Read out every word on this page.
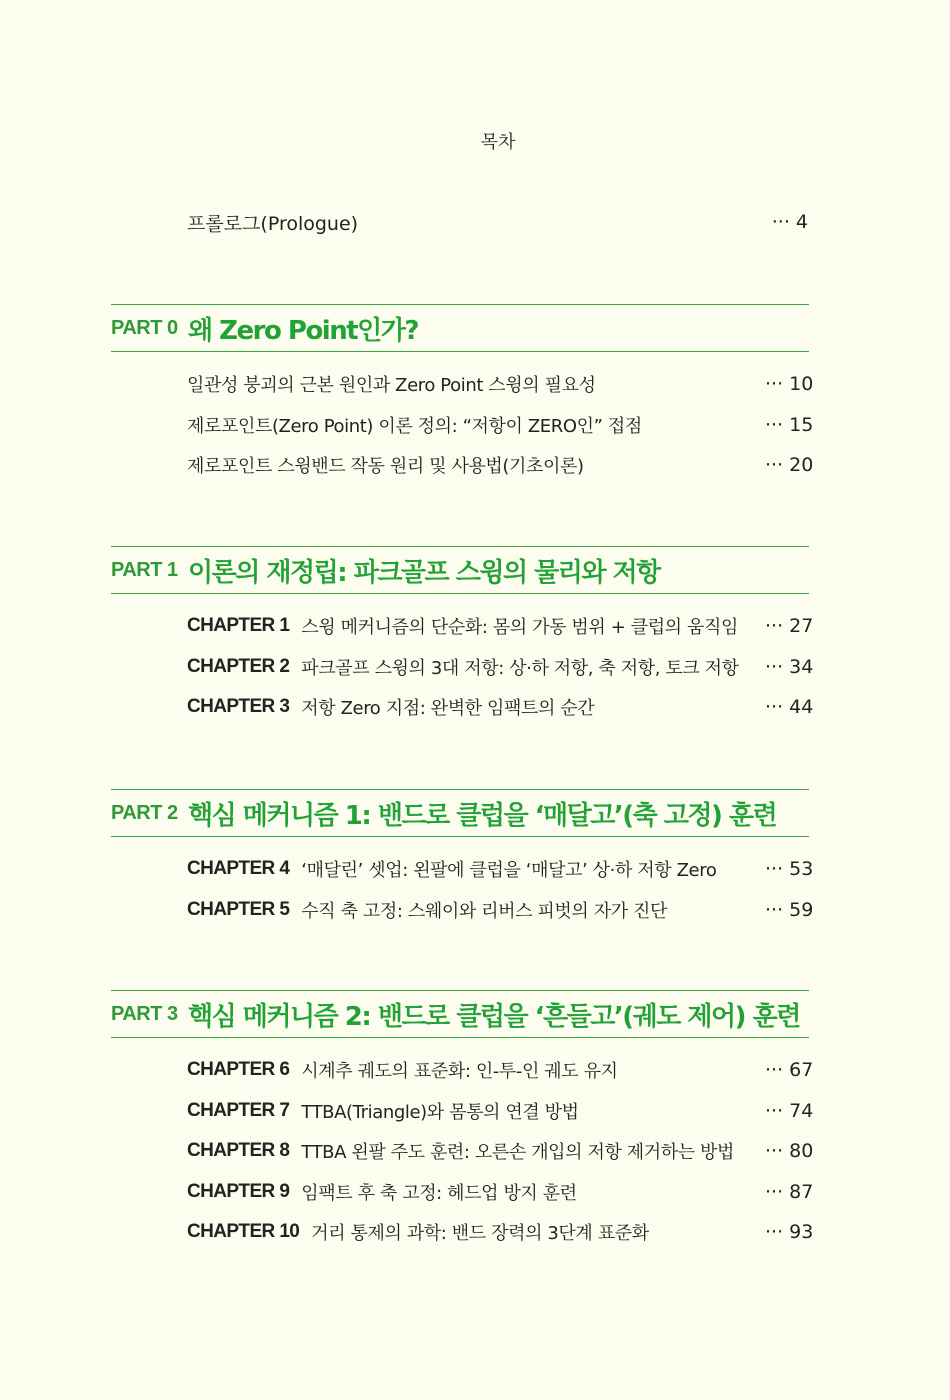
목차
프롤로그(Prologue)	··· 4
PART 0 왜 Zero Point인가?
일관성 붕괴의 근본 원인과 Zero Point 스윙의 필요성	··· 10
제로포인트(Zero Point) 이론 정의: “저항이 ZERO인” 접점	··· 15
제로포인트 스윙밴드 작동 원리 및 사용법(기초이론)	··· 20
PART 1 이론의 재정립: 파크골프 스윙의 물리와 저항
CHAPTER 1 스윙 메커니즘의 단순화: 몸의 가동 범위 + 클럽의 움직임	··· 27
CHAPTER 2 파크골프 스윙의 3대 저항: 상·하 저항, 축 저항, 토크 저항	··· 34
CHAPTER 3 저항 Zero 지점: 완벽한 임팩트의 순간	··· 44
PART 2 핵심 메커니즘 1: 밴드로 클럽을 ‘매달고’(축 고정) 훈련
CHAPTER 4 ‘매달린’ 셋업: 왼팔에 클럽을 ‘매달고’ 상·하 저항 Zero	··· 53
CHAPTER 5 수직 축 고정: 스웨이와 리버스 피벗의 자가 진단	··· 59
PART 3 핵심 메커니즘 2: 밴드로 클럽을 ‘흔들고’(궤도 제어) 훈련
CHAPTER 6 시계추 궤도의 표준화: 인-투-인 궤도 유지	··· 67
CHAPTER 7 TTBA(Triangle)와 몸통의 연결 방법	··· 74
CHAPTER 8 TTBA 왼팔 주도 훈련: 오른손 개입의 저항 제거하는 방법	··· 80
CHAPTER 9 임팩트 후 축 고정: 헤드업 방지 훈련	··· 87
CHAPTER 10 거리 통제의 과학: 밴드 장력의 3단계 표준화	··· 93
